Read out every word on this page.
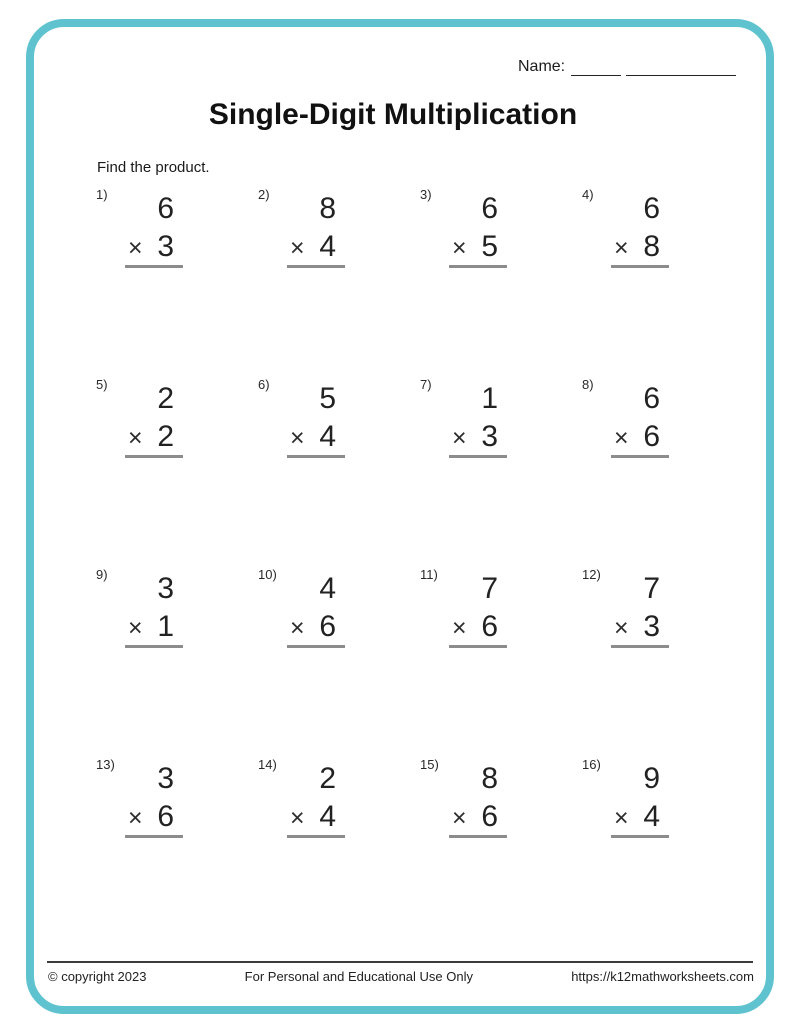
Name:
Single-Digit Multiplication
Find the product.
1)	6
× 3
2)	8
× 4
3)	6
× 5
4)	6
× 8
5)	2
× 2
6)	5
× 4
7)	1
× 3
8)	6
× 6
9)	3
× 1
10)	4
× 6
11)	7
× 6
12)	7
× 3
13)	3
× 6
14)	2
× 4
15)	8
× 6
16)	9
× 4
© copyright 2023	For Personal and Educational Use Only	https://k12mathworksheets.com
